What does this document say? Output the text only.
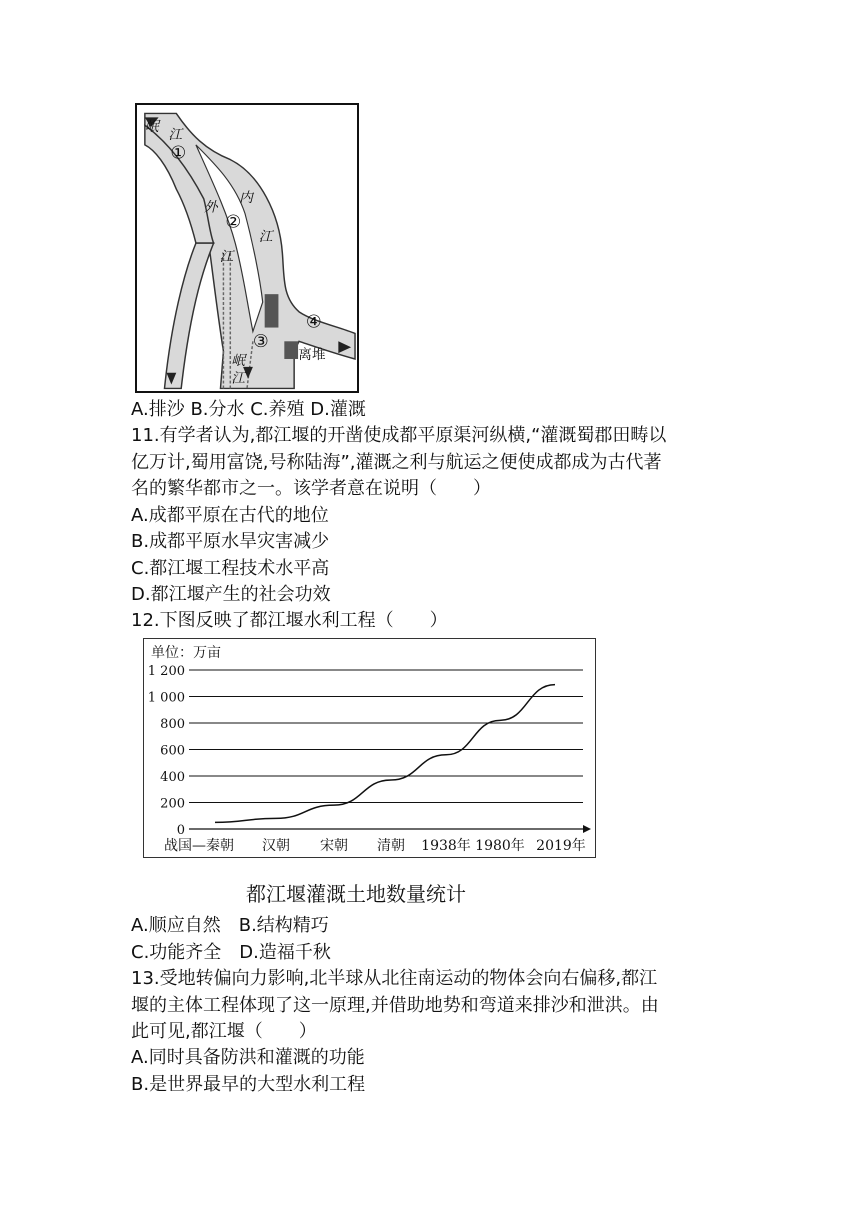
岷 江
①
②
③
④
外
江
内
江
岷
江
离堆
A.排沙 B.分水 C.养殖 D.灌溉
11.有学者认为,都江堰的开凿使成都平原渠河纵横,“灌溉蜀郡田畴以
亿万计,蜀用富饶,号称陆海”,灌溉之利与航运之便使成都成为古代著
名的繁华都市之一。该学者意在说明（　　）
A.成都平原在古代的地位
B.成都平原水旱灾害减少
C.都江堰工程技术水平高
D.都江堰产生的社会功效
12.下图反映了都江堰水利工程（　　）
单位：万亩
0
200
400
600
800
1 000
1 200
战国—秦朝 汉朝 宋朝 清朝 1938年 1980年 2019年
都江堰灌溉土地数量统计
A.顺应自然 B.结构精巧
C.功能齐全 D.造福千秋
13.受地转偏向力影响,北半球从北往南运动的物体会向右偏移,都江
堰的主体工程体现了这一原理,并借助地势和弯道来排沙和泄洪。由
此可见,都江堰（　　）
A.同时具备防洪和灌溉的功能
B.是世界最早的大型水利工程
